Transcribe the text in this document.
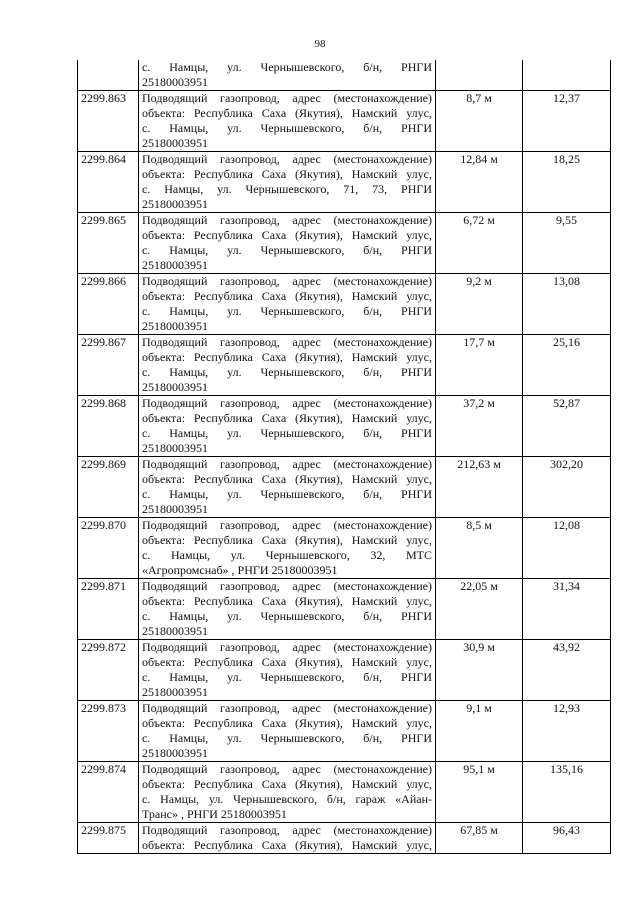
98

	с. Намцы, ул. Чернышевского, б/н, РНГИ
25180003951		

2299.863	Подводящий газопровод, адрес (местонахождение)
объекта: Республика Саха (Якутия), Намский улус,
с. Намцы, ул. Чернышевского, б/н, РНГИ
25180003951	8,7 м	12,37
2299.864	Подводящий газопровод, адрес (местонахождение)
объекта: Республика Саха (Якутия), Намский улус,
с. Намцы, ул. Чернышевского, 71, 73, РНГИ
25180003951	12,84 м	18,25
2299.865	Подводящий газопровод, адрес (местонахождение)
объекта: Республика Саха (Якутия), Намский улус,
с. Намцы, ул. Чернышевского, б/н, РНГИ
25180003951	6,72 м	9,55
2299.866	Подводящий газопровод, адрес (местонахождение)
объекта: Республика Саха (Якутия), Намский улус,
с. Намцы, ул. Чернышевского, б/н, РНГИ
25180003951	9,2 м	13,08
2299.867	Подводящий газопровод, адрес (местонахождение)
объекта: Республика Саха (Якутия), Намский улус,
с. Намцы, ул. Чернышевского, б/н, РНГИ
25180003951	17,7 м	25,16
2299.868	Подводящий газопровод, адрес (местонахождение)
объекта: Республика Саха (Якутия), Намский улус,
с. Намцы, ул. Чернышевского, б/н, РНГИ
25180003951	37,2 м	52,87
2299.869	Подводящий газопровод, адрес (местонахождение)
объекта: Республика Саха (Якутия), Намский улус,
с. Намцы, ул. Чернышевского, б/н, РНГИ
25180003951	212,63 м	302,20
2299.870	Подводящий газопровод, адрес (местонахождение)
объекта: Республика Саха (Якутия), Намский улус,
с. Намцы, ул. Чернышевского, 32, МТС
«Агропромснаб» , РНГИ 25180003951	8,5 м	12,08
2299.871	Подводящий газопровод, адрес (местонахождение)
объекта: Республика Саха (Якутия), Намский улус,
с. Намцы, ул. Чернышевского, б/н, РНГИ
25180003951	22,05 м	31,34
2299.872	Подводящий газопровод, адрес (местонахождение)
объекта: Республика Саха (Якутия), Намский улус,
с. Намцы, ул. Чернышевского, б/н, РНГИ
25180003951	30,9 м	43,92
2299.873	Подводящий газопровод, адрес (местонахождение)
объекта: Республика Саха (Якутия), Намский улус,
с. Намцы, ул. Чернышевского, б/н, РНГИ
25180003951	9,1 м	12,93
2299.874	Подводящий газопровод, адрес (местонахождение)
объекта: Республика Саха (Якутия), Намский улус,
с. Намцы, ул. Чернышевского, б/н, гараж «Айан-
Транс» , РНГИ 25180003951	95,1 м	135,16
2299.875	Подводящий газопровод, адрес (местонахождение)
объекта: Республика Саха (Якутия), Намский улус,	67,85 м	96,43
